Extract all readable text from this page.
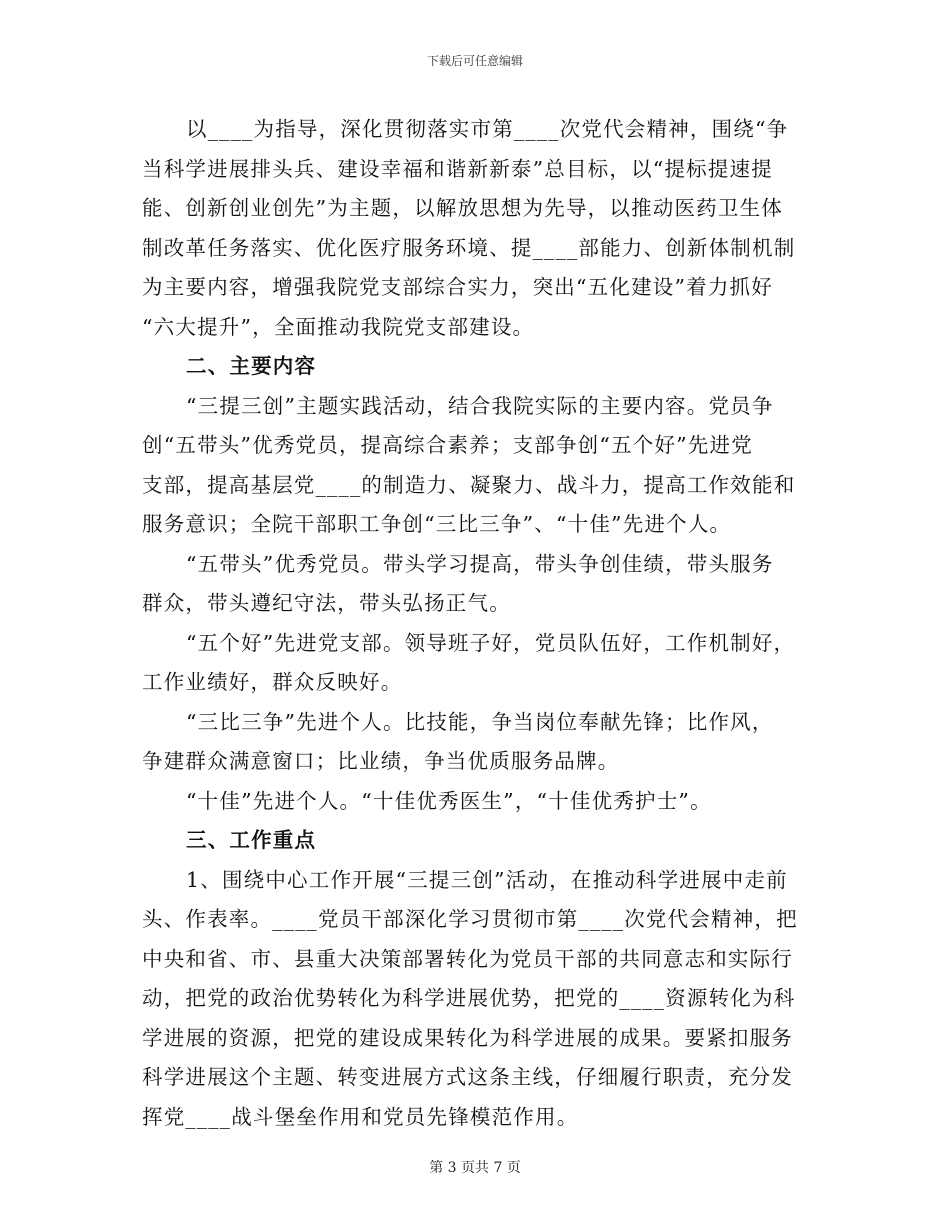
下载后可任意编辑
以____为指导，深化贯彻落实市第____次党代会精神，围绕“争
当科学进展排头兵、建设幸福和谐新新泰”总目标，以“提标提速提
能、创新创业创先”为主题，以解放思想为先导，以推动医药卫生体
制改革任务落实、优化医疗服务环境、提____部能力、创新体制机制
为主要内容，增强我院党支部综合实力，突出“五化建设”着力抓好
“六大提升”，全面推动我院党支部建设。
二、主要内容
“三提三创”主题实践活动，结合我院实际的主要内容。党员争
创“五带头”优秀党员，提高综合素养；支部争创“五个好”先进党
支部，提高基层党____的制造力、凝聚力、战斗力，提高工作效能和
服务意识；全院干部职工争创“三比三争”、“十佳”先进个人。
“五带头”优秀党员。带头学习提高，带头争创佳绩，带头服务
群众，带头遵纪守法，带头弘扬正气。
“五个好”先进党支部。领导班子好，党员队伍好，工作机制好，
工作业绩好，群众反映好。
“三比三争”先进个人。比技能，争当岗位奉献先锋；比作风，
争建群众满意窗口；比业绩，争当优质服务品牌。
“十佳”先进个人。“十佳优秀医生”，“十佳优秀护士”。
三、工作重点
1、围绕中心工作开展“三提三创”活动，在推动科学进展中走前
头、作表率。____党员干部深化学习贯彻市第____次党代会精神，把
中央和省、市、县重大决策部署转化为党员干部的共同意志和实际行
动，把党的政治优势转化为科学进展优势，把党的____资源转化为科
学进展的资源，把党的建设成果转化为科学进展的成果。要紧扣服务
科学进展这个主题、转变进展方式这条主线，仔细履行职责，充分发
挥党____战斗堡垒作用和党员先锋模范作用。
第 3 页共 7 页
